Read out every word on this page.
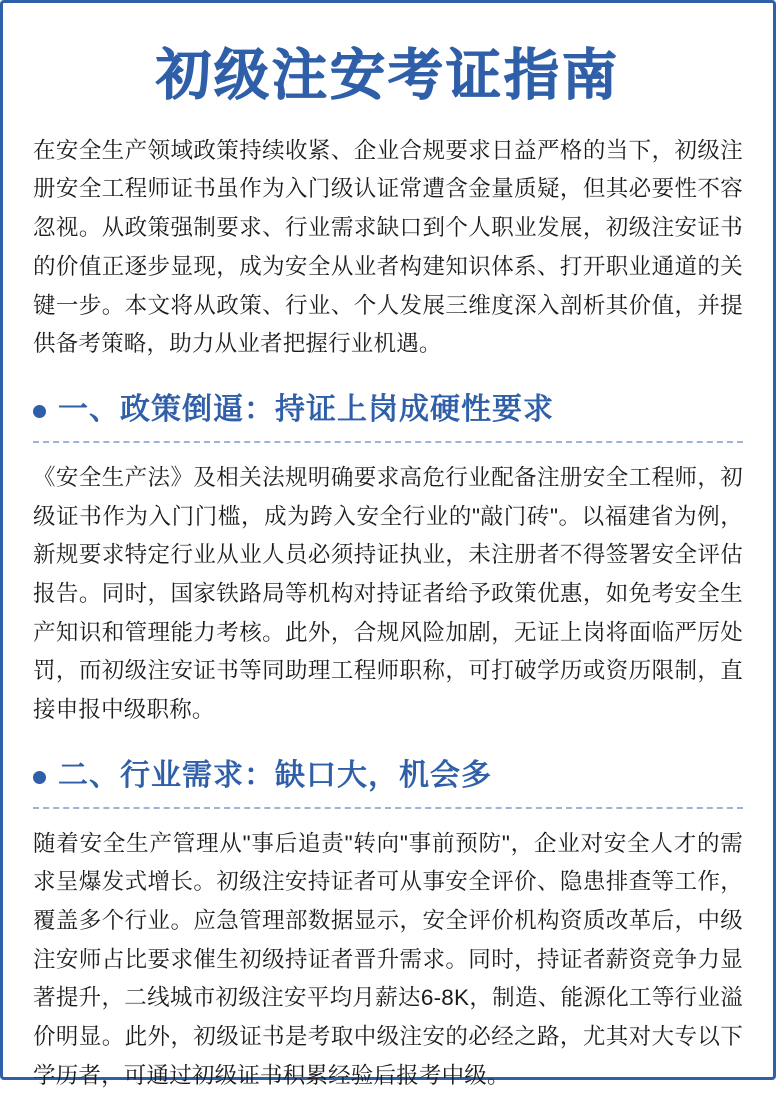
初级注安考证指南

在安全生产领域政策持续收紧、企业合规要求日益严格的当下，初级注册安全工程师证书虽作为入门级认证常遭含金量质疑，但其必要性不容忽视。从政策强制要求、行业需求缺口到个人职业发展，初级注安证书的价值正逐步显现，成为安全从业者构建知识体系、打开职业通道的关键一步。本文将从政策、行业、个人发展三维度深入剖析其价值，并提供备考策略，助力从业者把握行业机遇。

一、政策倒逼：持证上岗成硬性要求

《安全生产法》及相关法规明确要求高危行业配备注册安全工程师，初级证书作为入门门槛，成为跨入安全行业的"敲门砖"。以福建省为例，新规要求特定行业从业人员必须持证执业，未注册者不得签署安全评估报告。同时，国家铁路局等机构对持证者给予政策优惠，如免考安全生产知识和管理能力考核。此外，合规风险加剧，无证上岗将面临严厉处罚，而初级注安证书等同助理工程师职称，可打破学历或资历限制，直接申报中级职称。

二、行业需求：缺口大，机会多

随着安全生产管理从"事后追责"转向"事前预防"，企业对安全人才的需求呈爆发式增长。初级注安持证者可从事安全评价、隐患排查等工作，覆盖多个行业。应急管理部数据显示，安全评价机构资质改革后，中级注安师占比要求催生初级持证者晋升需求。同时，持证者薪资竞争力显著提升，二线城市初级注安平均月薪达6-8K，制造、能源化工等行业溢价明显。此外，初级证书是考取中级注安的必经之路，尤其对大专以下学历者，可通过初级证书积累经验后报考中级。
